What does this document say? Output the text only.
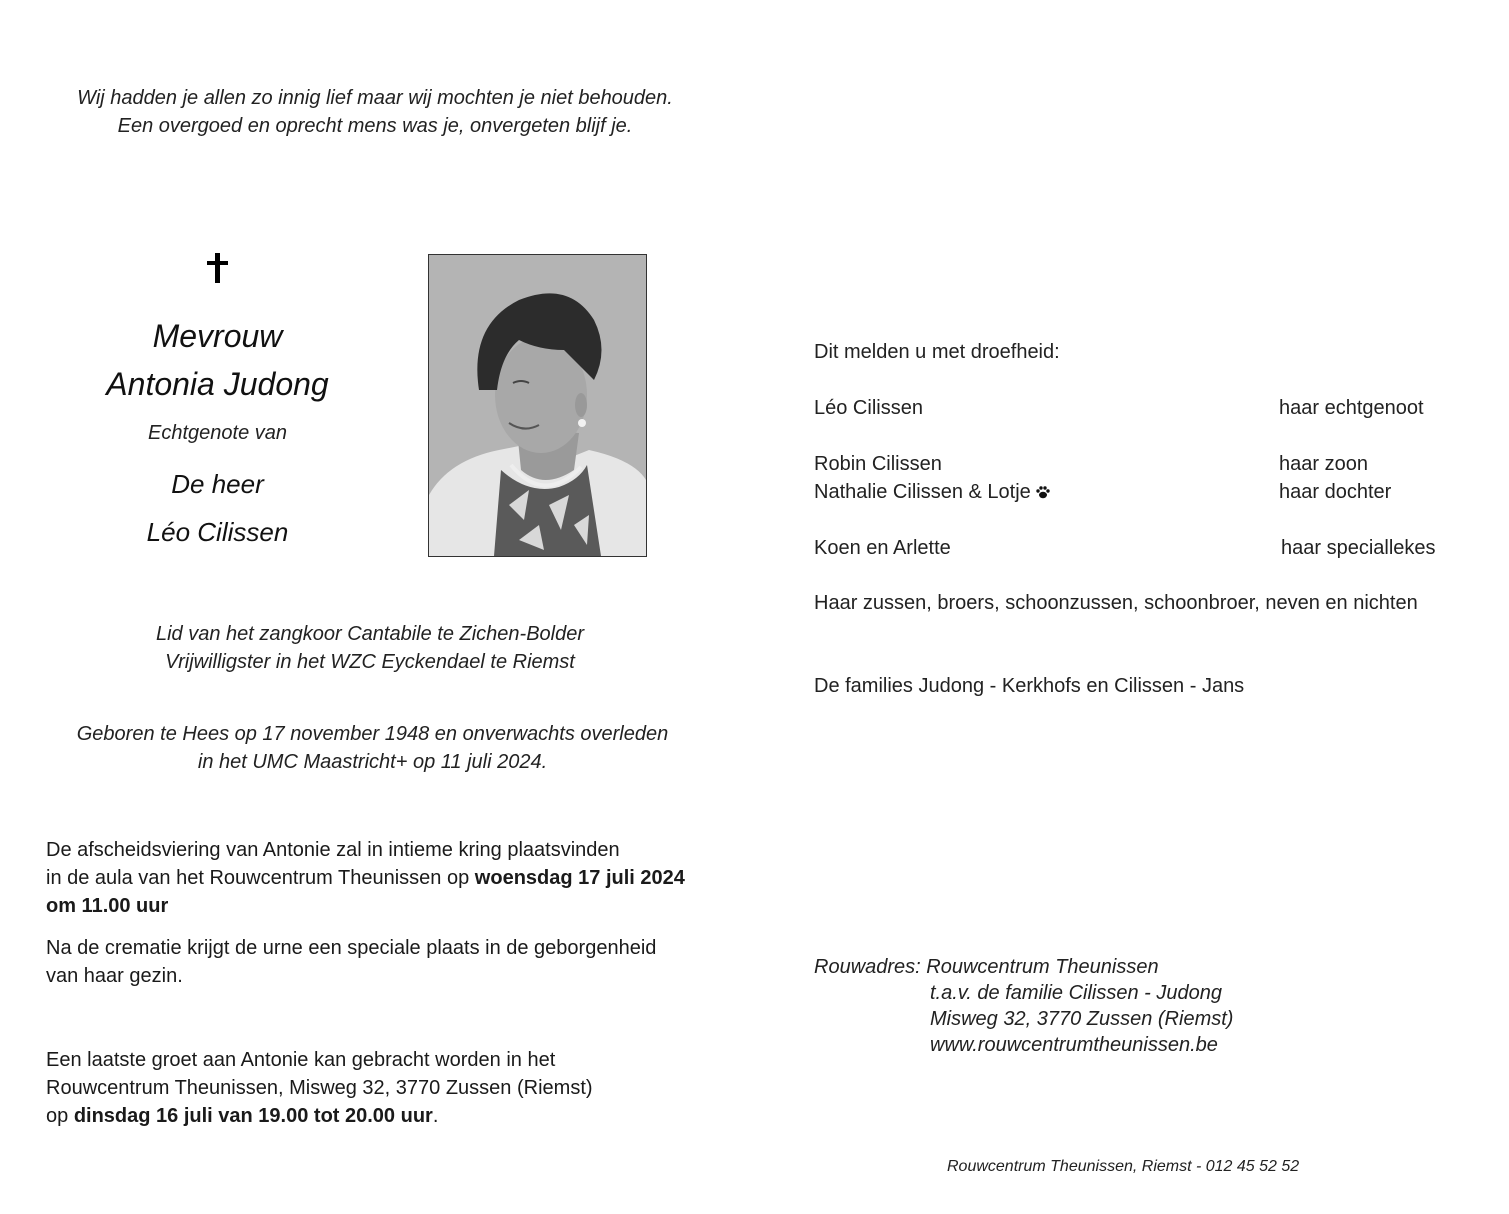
Wij hadden je allen zo innig lief maar wij mochten je niet behouden.
Een overgoed en oprecht mens was je, onvergeten blijf je.
Mevrouw
Antonia Judong
Echtgenote van
De heer
Léo Cilissen
Lid van het zangkoor Cantabile te Zichen-Bolder
Vrijwilligster in het WZC Eyckendael te Riemst
Geboren te Hees op 17 november 1948 en onverwachts overleden
in het UMC Maastricht+ op 11 juli 2024.
De afscheidsviering van Antonie zal in intieme kring plaatsvinden
in de aula van het Rouwcentrum Theunissen op woensdag 17 juli 2024
om 11.00 uur
Na de crematie krijgt de urne een speciale plaats in de geborgenheid
van haar gezin.
Een laatste groet aan Antonie kan gebracht worden in het
Rouwcentrum Theunissen, Misweg 32, 3770 Zussen (Riemst)
op dinsdag 16 juli van 19.00 tot 20.00 uur.
Dit melden u met droefheid:
Léo Cilissen	haar echtgenoot
Robin Cilissen	haar zoon
Nathalie Cilissen & Lotje	haar dochter
Koen en Arlette	haar speciallekes
Haar zussen, broers, schoonzussen, schoonbroer, neven en nichten
De families Judong - Kerkhofs en Cilissen - Jans
Rouwadres: Rouwcentrum Theunissen
t.a.v. de familie Cilissen - Judong
Misweg 32, 3770 Zussen (Riemst)
www.rouwcentrumtheunissen.be
Rouwcentrum Theunissen, Riemst - 012 45 52 52
